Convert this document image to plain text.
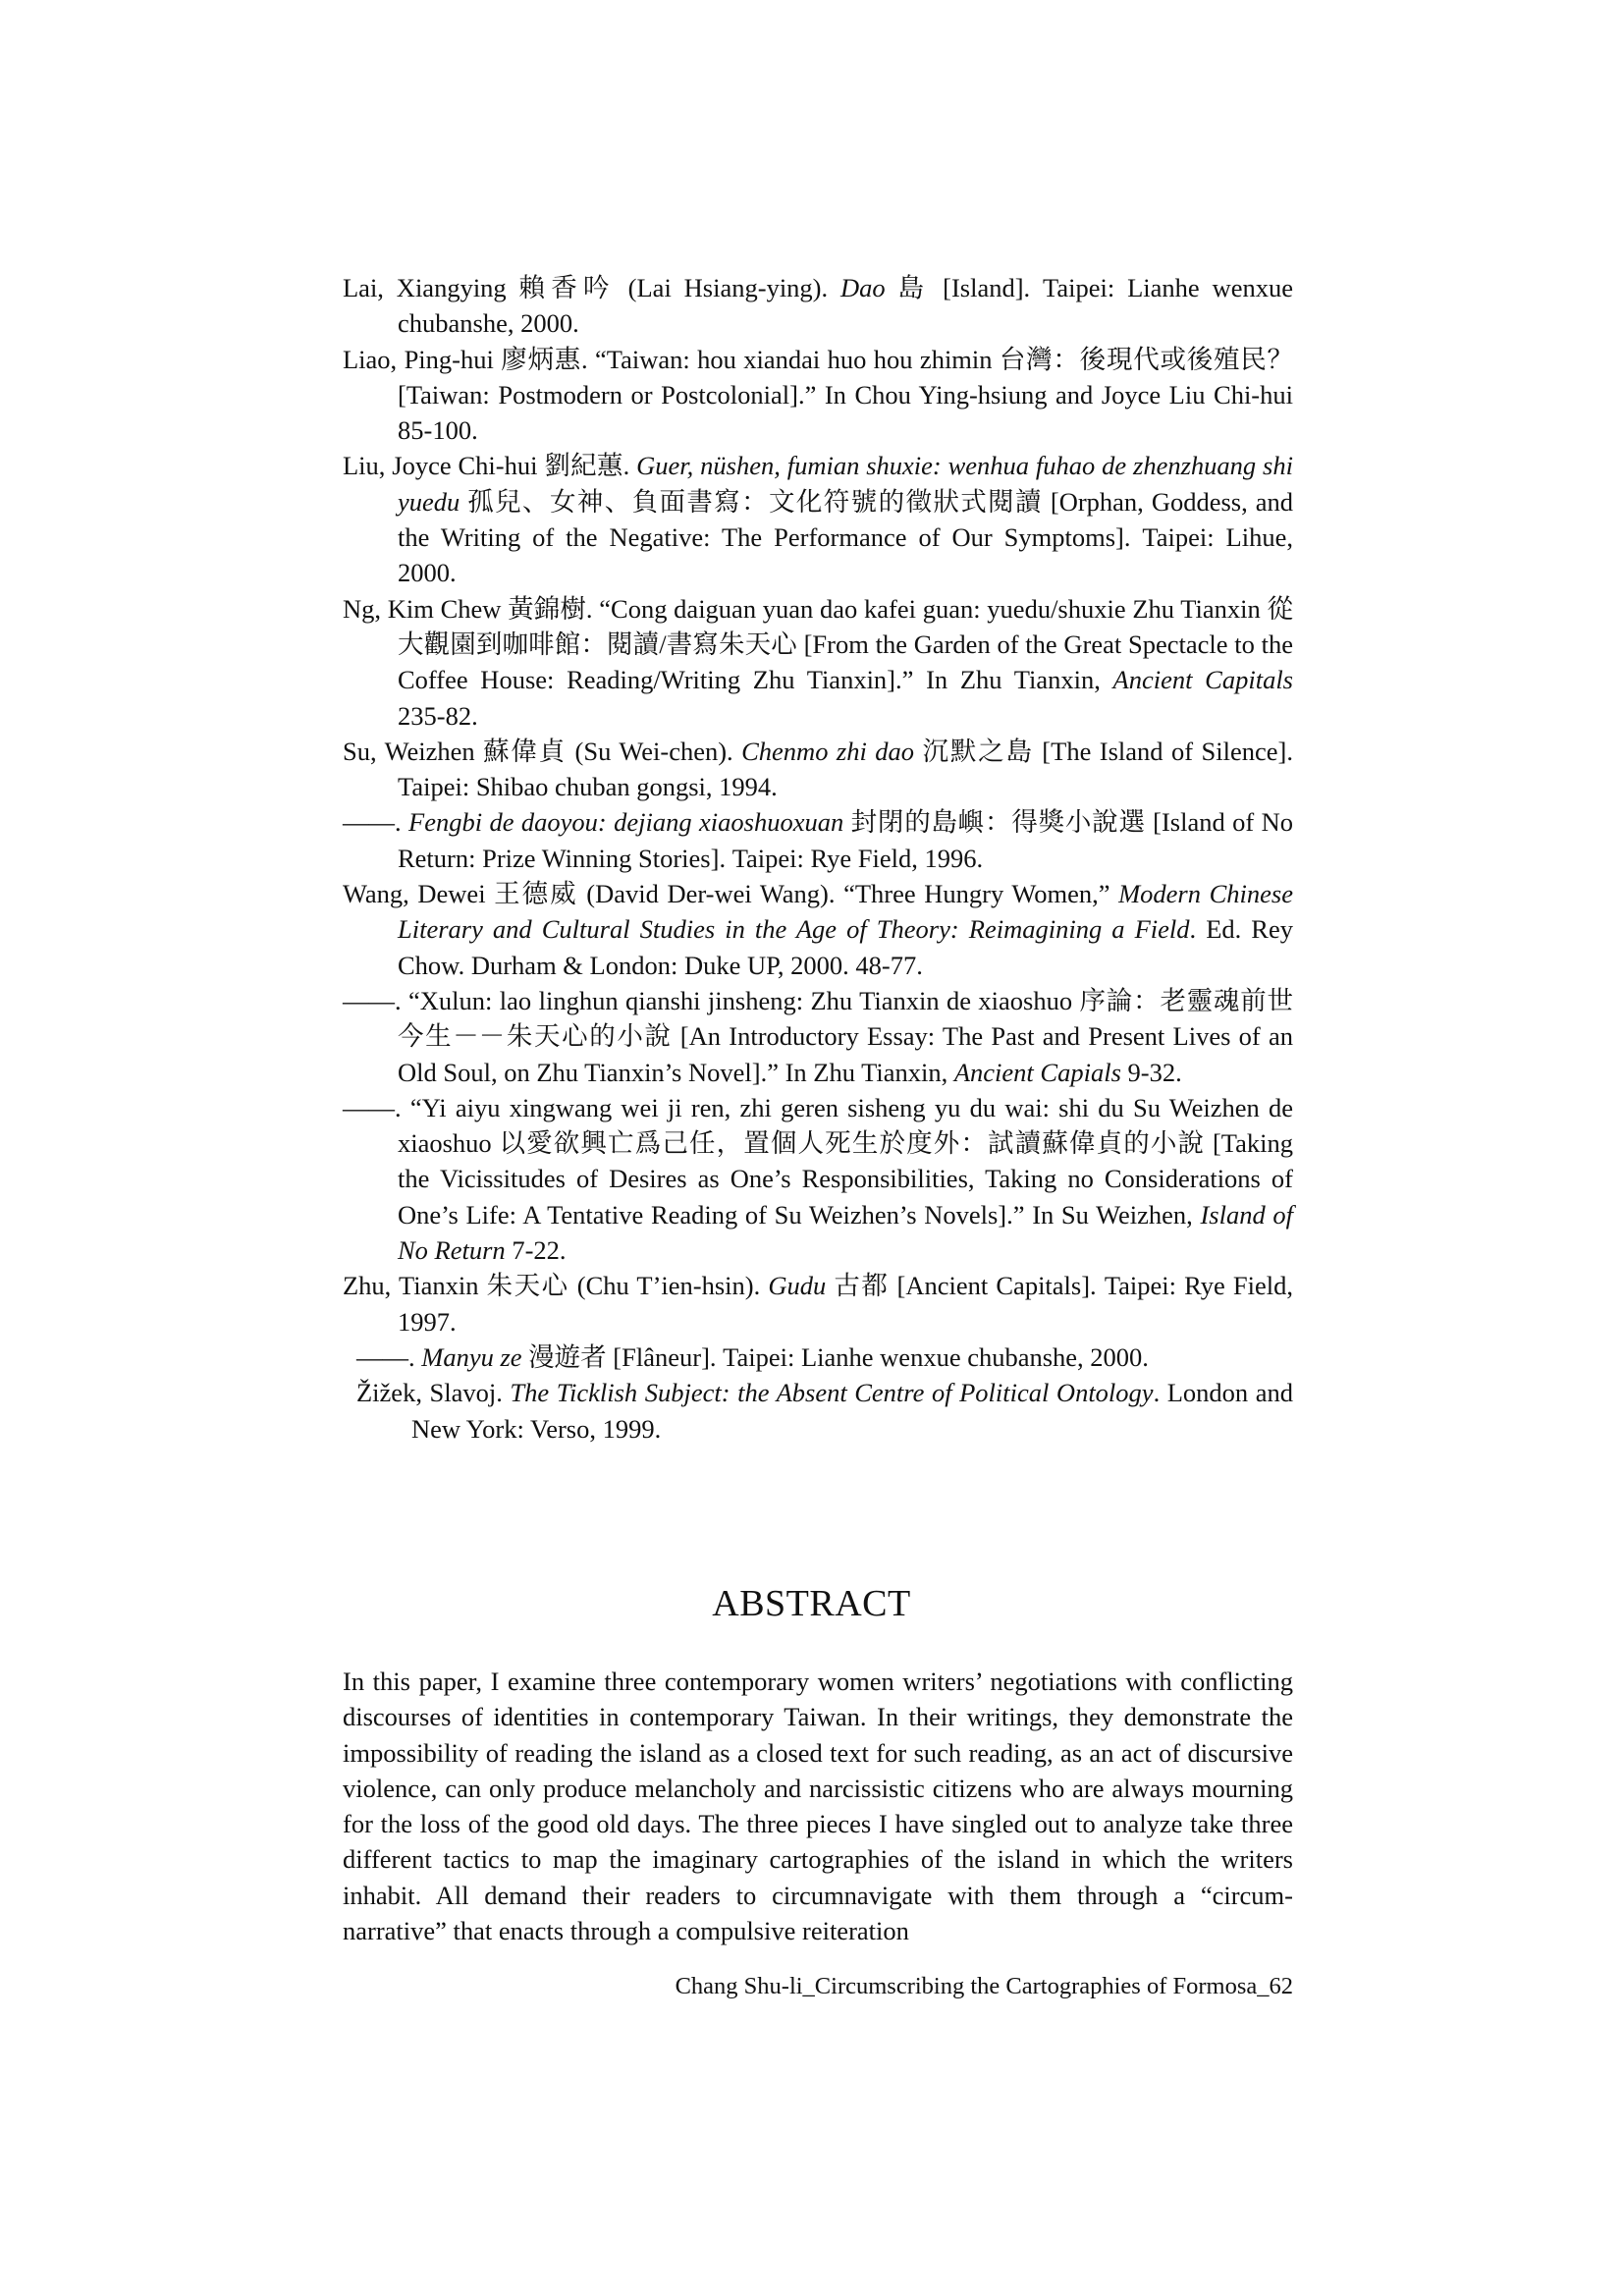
Lai, Xiangying 賴香吟 (Lai Hsiang-ying). Dao 島 [Island]. Taipei: Lianhe wenxue chubanshe, 2000.

Liao, Ping-hui 廖炳惠. “Taiwan: hou xiandai huo hou zhimin 台灣：後現代或後殖民？ [Taiwan: Postmodern or Postcolonial].” In Chou Ying-hsiung and Joyce Liu Chi-hui 85-100.

Liu, Joyce Chi-hui 劉紀蕙. Guer, nüshen, fumian shuxie: wenhua fuhao de zhenzhuang shi yuedu 孤兒、女神、負面書寫：文化符號的徵狀式閱讀 [Orphan, Goddess, and the Writing of the Negative: The Performance of Our Symptoms]. Taipei: Lihue, 2000.

Ng, Kim Chew 黃錦樹. “Cong daiguan yuan dao kafei guan: yuedu/shuxie Zhu Tianxin 從大觀園到咖啡館：閱讀/書寫朱天心 [From the Garden of the Great Spectacle to the Coffee House: Reading/Writing Zhu Tianxin].” In Zhu Tianxin, Ancient Capitals 235-82.

Su, Weizhen 蘇偉貞 (Su Wei-chen). Chenmo zhi dao 沉默之島 [The Island of Silence]. Taipei: Shibao chuban gongsi, 1994.

——. Fengbi de daoyou: dejiang xiaoshuoxuan 封閉的島嶼：得獎小說選 [Island of No Return: Prize Winning Stories]. Taipei: Rye Field, 1996.

Wang, Dewei 王德威 (David Der-wei Wang). “Three Hungry Women,” Modern Chinese Literary and Cultural Studies in the Age of Theory: Reimagining a Field. Ed. Rey Chow. Durham & London: Duke UP, 2000. 48-77.

——. “Xulun: lao linghun qianshi jinsheng: Zhu Tianxin de xiaoshuo 序論：老靈魂前世今生－－朱天心的小說 [An Introductory Essay: The Past and Present Lives of an Old Soul, on Zhu Tianxin’s Novel].” In Zhu Tianxin, Ancient Capials 9-32.

——. “Yi aiyu xingwang wei ji ren, zhi geren sisheng yu du wai: shi du Su Weizhen de xiaoshuo 以愛欲興亡爲己任，置個人死生於度外：試讀蘇偉貞的小說 [Taking the Vicissitudes of Desires as One’s Responsibilities, Taking no Considerations of One’s Life: A Tentative Reading of Su Weizhen’s Novels].” In Su Weizhen, Island of No Return 7-22.

Zhu, Tianxin 朱天心 (Chu T’ien-hsin). Gudu 古都 [Ancient Capitals]. Taipei: Rye Field, 1997.

——. Manyu ze 漫遊者 [Flâneur]. Taipei: Lianhe wenxue chubanshe, 2000.

Žižek, Slavoj. The Ticklish Subject: the Absent Centre of Political Ontology. London and New York: Verso, 1999.

ABSTRACT

In this paper, I examine three contemporary women writers’ negotiations with conflicting discourses of identities in contemporary Taiwan. In their writings, they demonstrate the impossibility of reading the island as a closed text for such reading, as an act of discursive violence, can only produce melancholy and narcissistic citizens who are always mourning for the loss of the good old days. The three pieces I have singled out to analyze take three different tactics to map the imaginary cartographies of the island in which the writers inhabit. All demand their readers to circumnavigate with them through a “circum-narrative” that enacts through a compulsive reiteration

Chang Shu-li_Circumscribing the Cartographies of Formosa_62
